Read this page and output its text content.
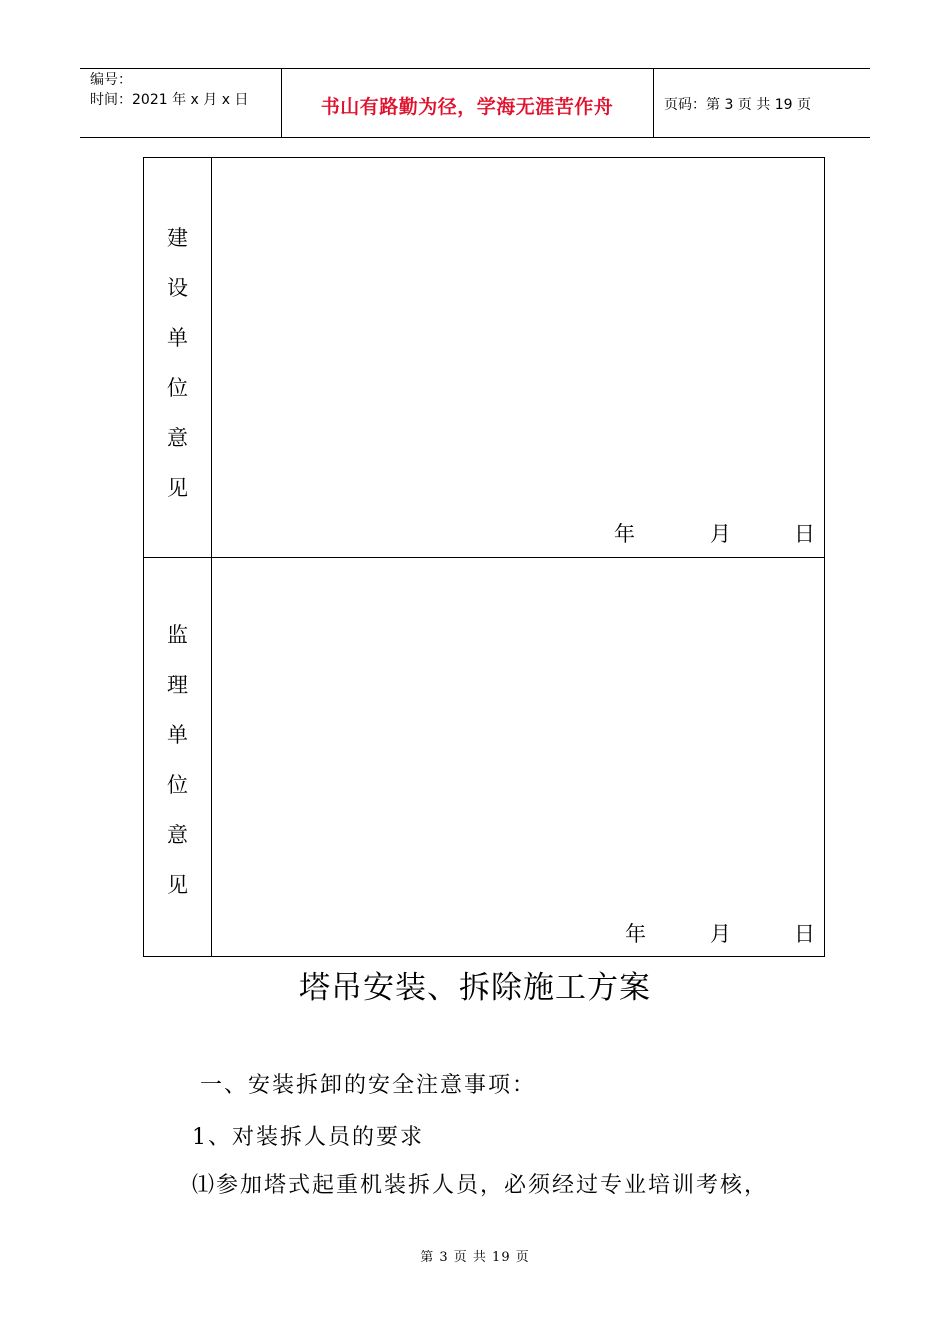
编号：
时间：2021 年 x 月 x 日	书山有路勤为径，学海无涯苦作舟	页码：第 3 页 共 19 页
建
设
单
位
意
见
年	月	日
监
理
单
位
意
见
年	月	日
塔吊安装、拆除施工方案
一、安装拆卸的安全注意事项：
1、对装拆人员的要求
⑴参加塔式起重机装拆人员，必须经过专业培训考核，
第 3 页 共 19 页
